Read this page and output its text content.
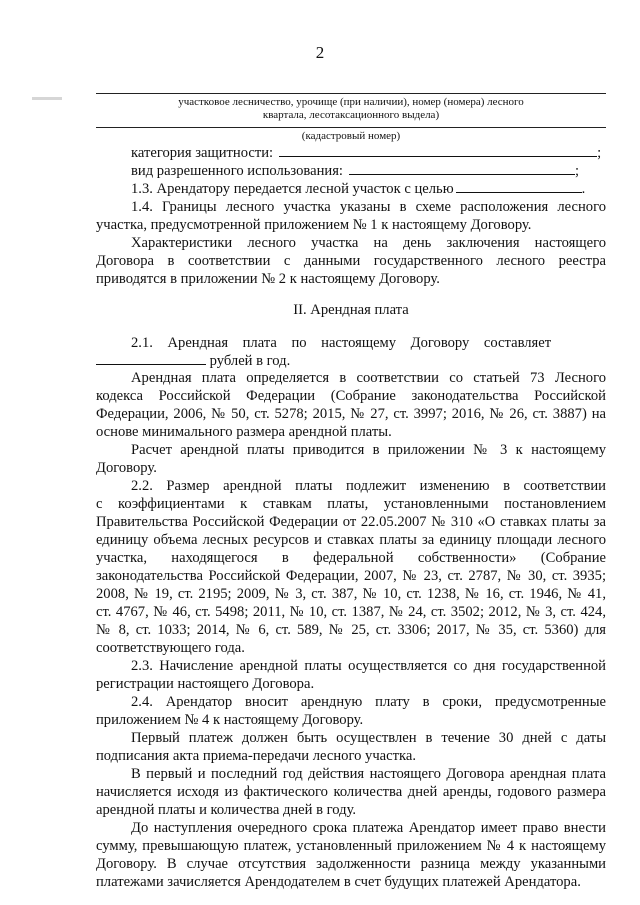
2
участковое лесничество, урочище (при наличии), номер (номера) лесного
квартала, лесотаксационного выдела)
(кадастровый номер)
категория защитности:	;
вид разрешенного использования:	;
1.3. Арендатору передается лесной участок с целью	.
1.4. Границы лесного участка указаны в схеме расположения лесного
участка, предусмотренной приложением № 1 к настоящему Договору.
Характеристики лесного участка на день заключения настоящего
Договора в соответствии с данными государственного лесного реестра
приводятся в приложении № 2 к настоящему Договору.
II. Арендная плата
2.1.    Арендная    плата    по    настоящему    Договору    составляет
рублей в год.
Арендная плата определяется в соответствии со статьей 73 Лесного
кодекса Российской Федерации (Собрание законодательства Российской
Федерации, 2006, № 50, ст. 5278; 2015, № 27, ст. 3997; 2016, № 26, ст. 3887) на
основе минимального размера арендной платы.
Расчет арендной платы приводится в приложении № 3 к настоящему
Договору.
2.2. Размер арендной платы подлежит изменению в соответствии
с коэффициентами к ставкам платы, установленными постановлением
Правительства Российской Федерации от 22.05.2007 № 310 «О ставках платы за
единицу объема лесных ресурсов и ставках платы за единицу площади лесного
участка, находящегося в федеральной собственности» (Собрание
законодательства Российской Федерации, 2007, № 23, ст. 2787, № 30, ст. 3935;
2008, № 19, ст. 2195; 2009, № 3, ст. 387, № 10, ст. 1238, № 16, ст. 1946, № 41,
ст. 4767, № 46, ст. 5498; 2011, № 10, ст. 1387, № 24, ст. 3502; 2012, № 3, ст. 424,
№ 8, ст. 1033; 2014, № 6, ст. 589, № 25, ст. 3306; 2017, № 35, ст. 5360) для
соответствующего года.
2.3. Начисление арендной платы осуществляется со дня государственной
регистрации настоящего Договора.
2.4. Арендатор вносит арендную плату в сроки, предусмотренные
приложением № 4 к настоящему Договору.
Первый платеж должен быть осуществлен в течение 30 дней с даты
подписания акта приема-передачи лесного участка.
В первый и последний год действия настоящего Договора арендная плата
начисляется исходя из фактического количества дней аренды, годового размера
арендной платы и количества дней в году.
До наступления очередного срока платежа Арендатор имеет право внести
сумму, превышающую платеж, установленный приложением № 4 к настоящему
Договору. В случае отсутствия задолженности разница между указанными
платежами зачисляется Арендодателем в счет будущих платежей Арендатора.
